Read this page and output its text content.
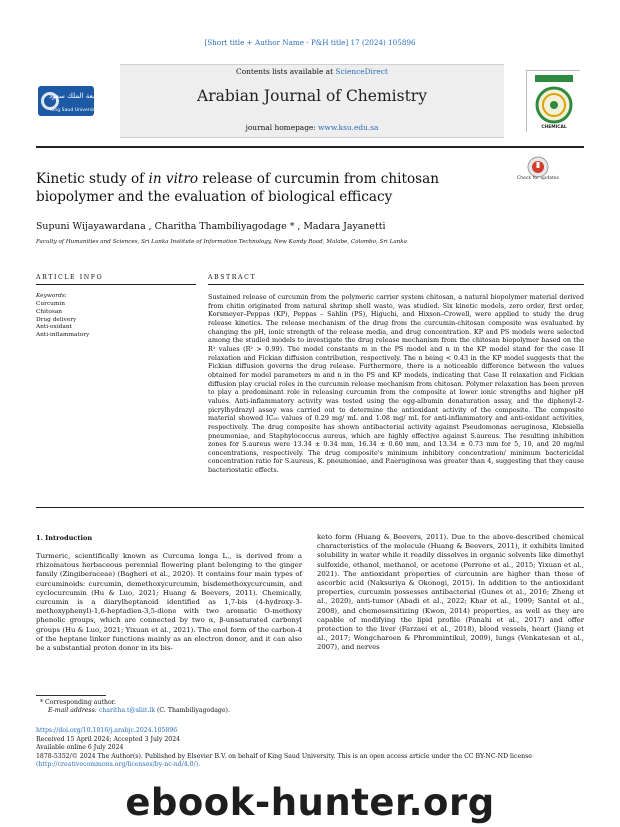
[Short title + Author Name - P&H title] 17 (2024) 105896
جامعة الملك سعود
King Saud University
Contents lists available at ScienceDirect
Arabian Journal of Chemistry
journal homepage: www.ksu.edu.sa	CHEMICAL
Kinetic study of in vitro release of curcumin from chitosan biopolymer and the evaluation of biological efficacy
Check for updates
Supuni Wijayawardana , Charitha Thambiliyagodage * , Madara Jayanetti
Faculty of Humanities and Sciences, Sri Lanka Institute of Information Technology, New Kandy Road, Malabe, Colombo, Sri Lanka
ARTICLE INFO	ABSTRACT
Keywords:
Curcumin
Chitosan
Drug delivery
Anti-oxidant
Anti-inflammatory
Sustained release of curcumin from the polymeric carrier system chitosan, a natural biopolymer material derived from chitin originated from natural shrimp shell waste, was studied. Six kinetic models, zero order, first order, Korsmeyer–Peppas (KP), Peppas – Sahlin (PS), Higuchi, and Hixson–Crowell, were applied to study the drug release kinetics. The release mechanism of the drug from the curcumin-chitosan composite was evaluated by changing the pH, ionic strength of the release media, and drug concentration. KP and PS models were selected among the studied models to investigate the drug release mechanism from the chitosan biopolymer based on the R² values (R² > 0.99). The model constants m in the PS model and n in the KP model stand for the case II relaxation and Fickian diffusion contribution, respectively. The n being < 0.43 in the KP model suggests that the Fickian diffusion governs the drug release. Furthermore, there is a noticeable difference between the values obtained for model parameters m and n in the PS and KP models, indicating that Case II relaxation and Fickian diffusion play crucial roles in the curcumin release mechanism from chitosan. Polymer relaxation has been proven to play a predominant role in releasing curcumin from the composite at lower ionic strengths and higher pH values. Anti-inflammatory activity was tested using the egg-albumin denaturation assay, and the diphenyl-2-picrylhydrazyl assay was carried out to determine the antioxidant activity of the composite. The composite material showed IC₅₀ values of 0.29 mg/ mL and 1.08 mg/ mL for anti-inflammatory and anti-oxidant activities, respectively. The drug composite has shown antibacterial activity against Pseudomonas aeruginosa, Klebsiella pneumoniae, and Staphylococcus aureus, which are highly effective against S.aureus. The resulting inhibition zones for S.aureus were 13.34 ± 0.34 mm, 16.34 ± 0.60 mm, and 13.34 ± 0.73 mm for 5, 10, and 20 mg/ml concentrations, respectively. The drug composite's minimum inhibitory concentration/ minimum bactericidal concentration ratio for S.aureus, K. pneumoniae, and P.aeruginosa was greater than 4, suggesting that they cause bacteriostatic effects.
1. Introduction
Turmeric, scientifically known as Curcuma longa L., is derived from a rhizomatous herbaceous perennial flowering plant belonging to the ginger family (Zingiberaceae) (Bagheri et al., 2020). It contains four main types of curcuminoids: curcumin, demethoxycurcumin, bisdemethoxycurcumin, and cyclocurcumin (Hu & Luo, 2021; Huang & Beevers, 2011). Chemically, curcumin is a diarylheptanoid identified as 1,7-bis (4-hydroxy-3-methoxyphenyl)-1,6-heptadien-3,5-dione with two aromatic O-methoxy phenolic groups, which are connected by two α, β-unsaturated carbonyl groups (Hu & Luo, 2021; Yixuan et al., 2021). The enol form of the carbon-4 of the heptane linker functions mainly as an electron donor, and it can also be a substantial proton donor in its bis-
keto form (Huang & Beevers, 2011). Due to the above-described chemical characteristics of the molecule (Huang & Beevers, 2011), it exhibits limited solubility in water while it readily dissolves in organic solvents like dimethyl sulfoxide, ethanol, methanol, or acetone (Perrone et al., 2015; Yixuan et al., 2021). The antioxidant properties of curcumin are higher than those of ascorbic acid (Naksuriya & Okonogi, 2015). In addition to the antioxidant properties, curcumin possesses antibacterial (Gunes et al., 2016; Zheng et al., 2020), anti-tumor (Abadi et al., 2022; Khar et al., 1999; Santel et al., 2008), and chemosensitizing (Kwon, 2014) properties, as well as they are capable of modifying the lipid profile (Panahi et al., 2017) and offer protection to the liver (Farzaei et al., 2018), blood vessels, heart (Jiang et al., 2017; Wongcharoen & Phrommintikul, 2009), lungs (Venkatesan et al., 2007), and nerves
* Corresponding author.
E-mail address: charitha.t@sliit.lk (C. Thambiliyagodage).
https://doi.org/10.1016/j.arabjc.2024.105896
Received 15 April 2024; Accepted 3 July 2024
Available online 6 July 2024
1878-5352/© 2024 The Author(s). Published by Elsevier B.V. on behalf of King Saud University. This is an open access article under the CC BY-NC-ND license (http://creativecommons.org/licenses/by-nc-nd/4.0/).
ebook-hunter.org
